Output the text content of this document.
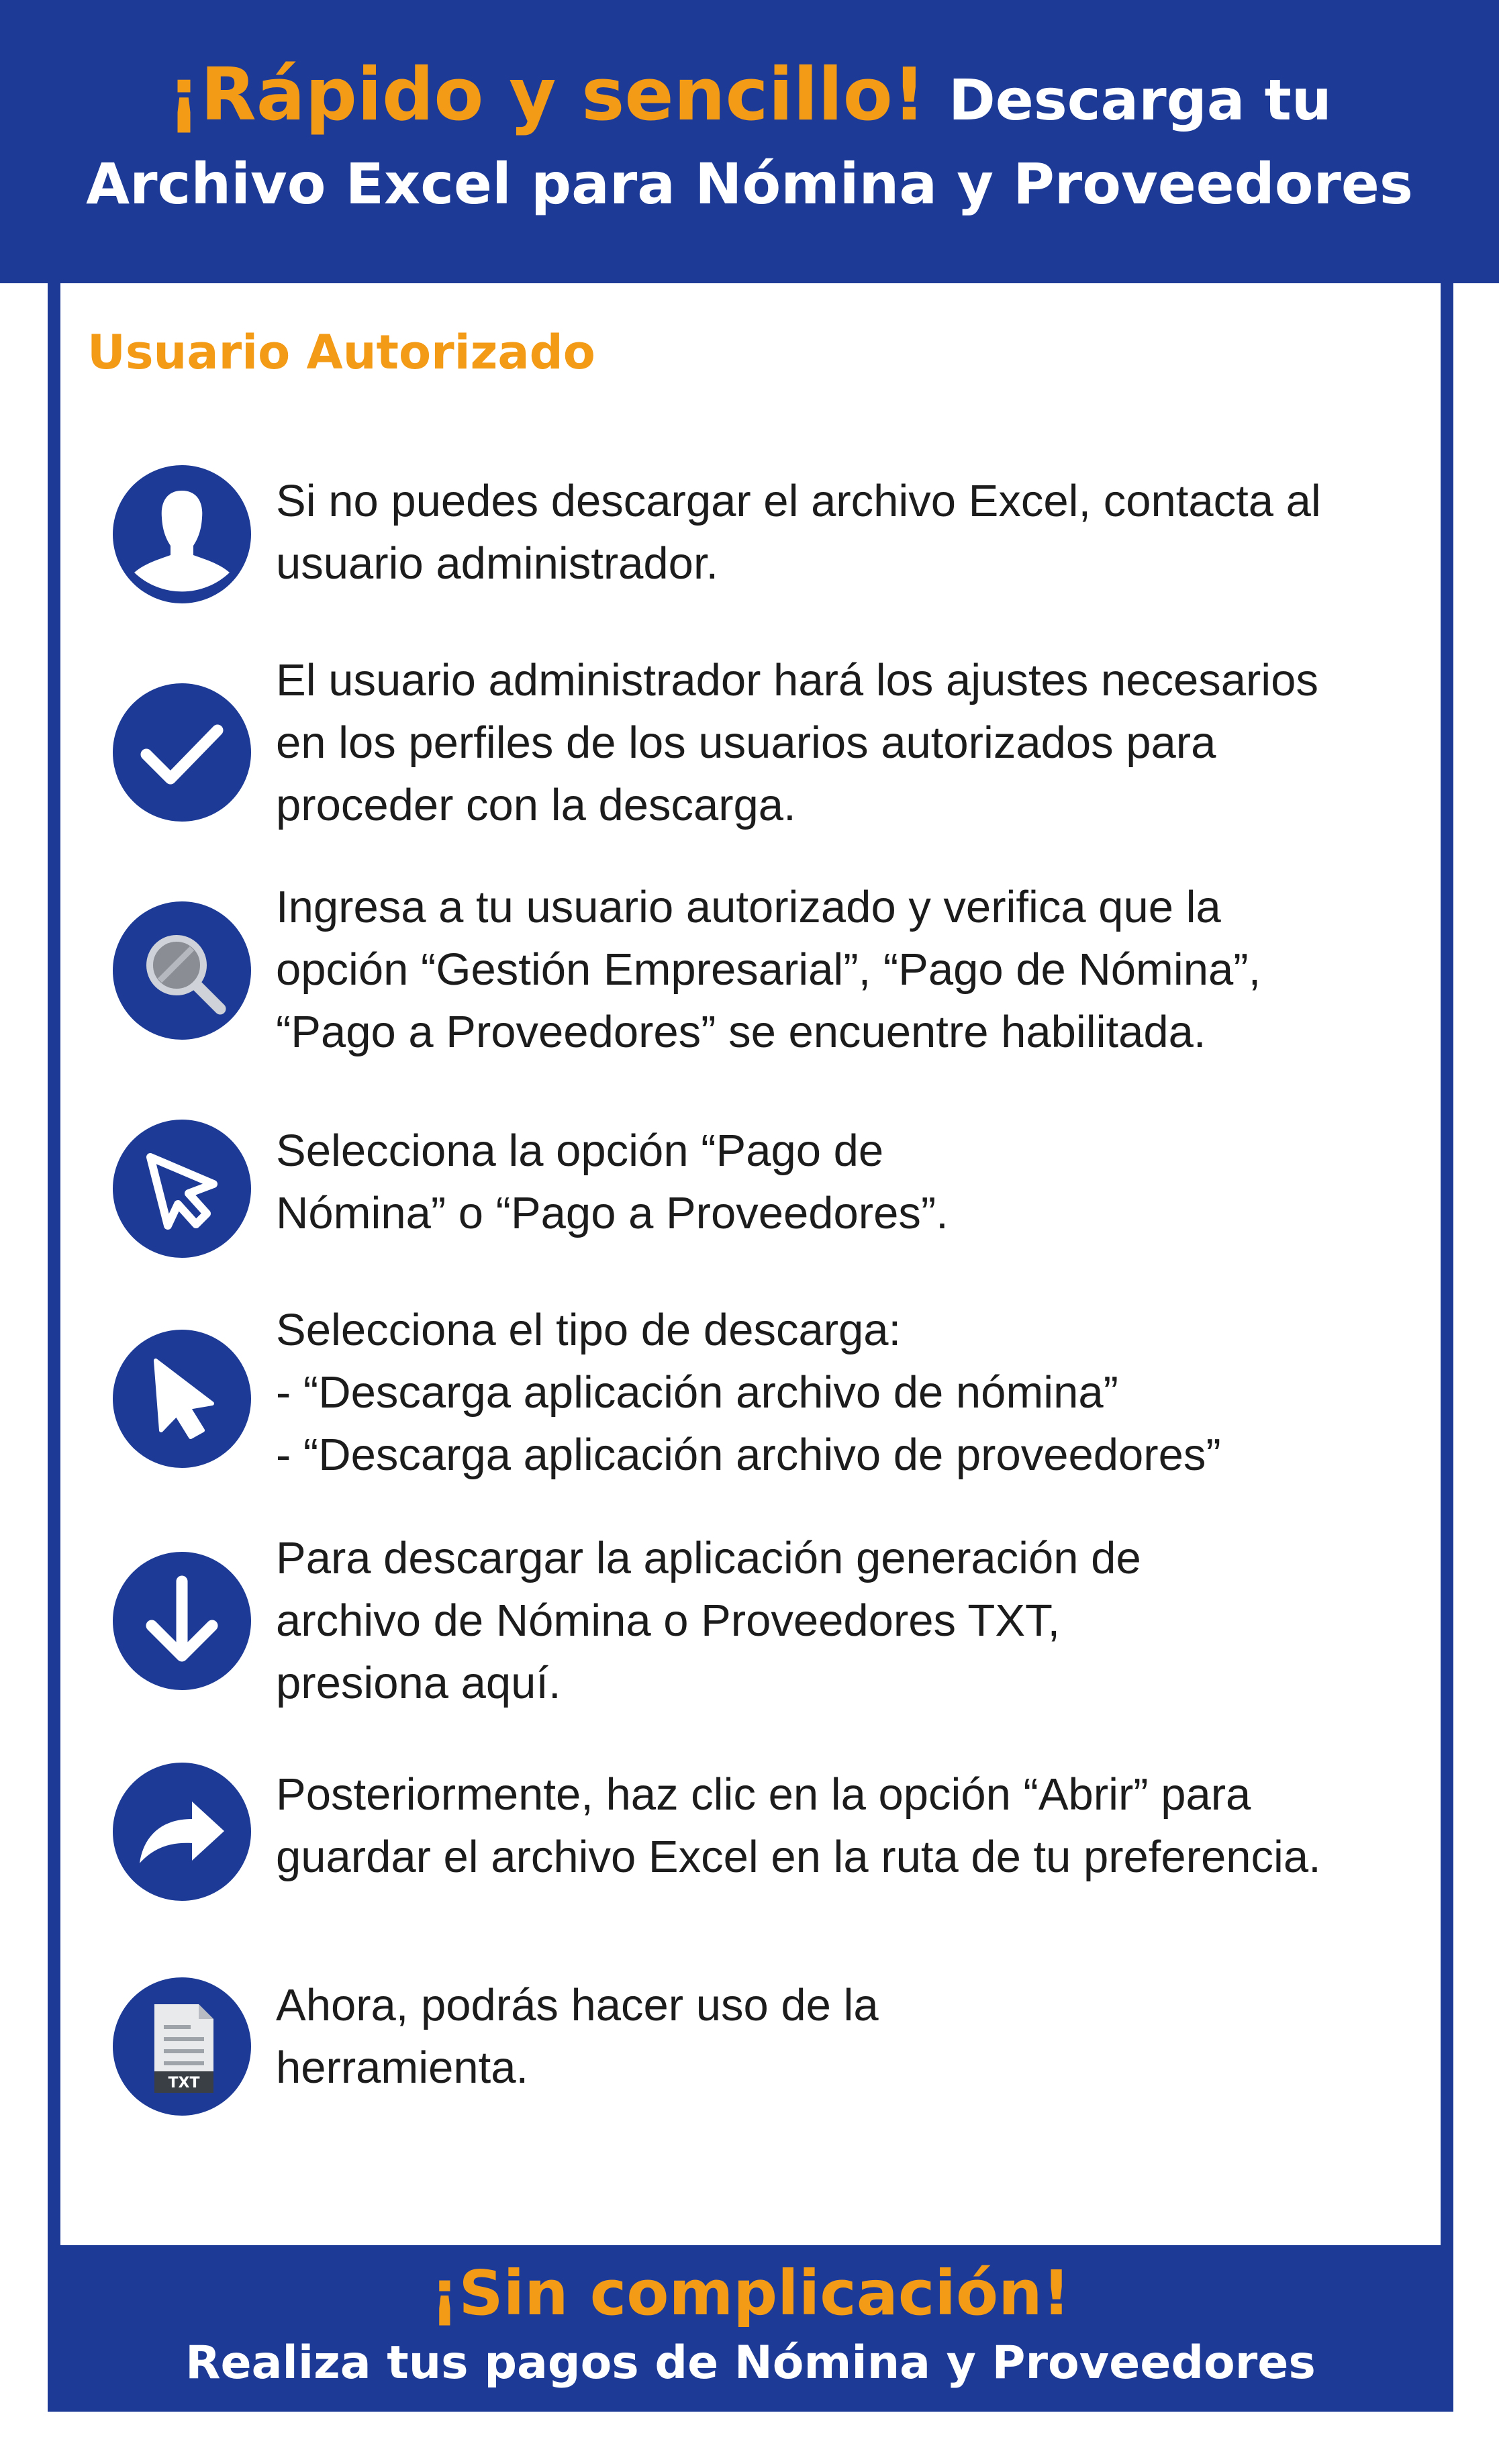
¡Rápido y sencillo! Descarga tu
Archivo Excel para Nómina y Proveedores
Usuario Autorizado
Si no puedes descargar el archivo Excel, contacta al
usuario administrador.
El usuario administrador hará los ajustes necesarios
en los perfiles de los usuarios autorizados para
proceder con la descarga.
Ingresa a tu usuario autorizado y verifica que la
opción “Gestión Empresarial”, “Pago de Nómina”,
“Pago a Proveedores” se encuentre habilitada.
Selecciona la opción “Pago de
Nómina” o “Pago a Proveedores”.
Selecciona el tipo de descarga:
- “Descarga aplicación archivo de nómina”
- “Descarga aplicación archivo de proveedores”
Para descargar la aplicación generación de
archivo de Nómina o Proveedores TXT,
presiona aquí.
Posteriormente, haz clic en la opción “Abrir” para
guardar el archivo Excel en la ruta de tu preferencia.
TXT
Ahora, podrás hacer uso de la
herramienta.
¡Sin complicación!
Realiza tus pagos de Nómina y Proveedores
